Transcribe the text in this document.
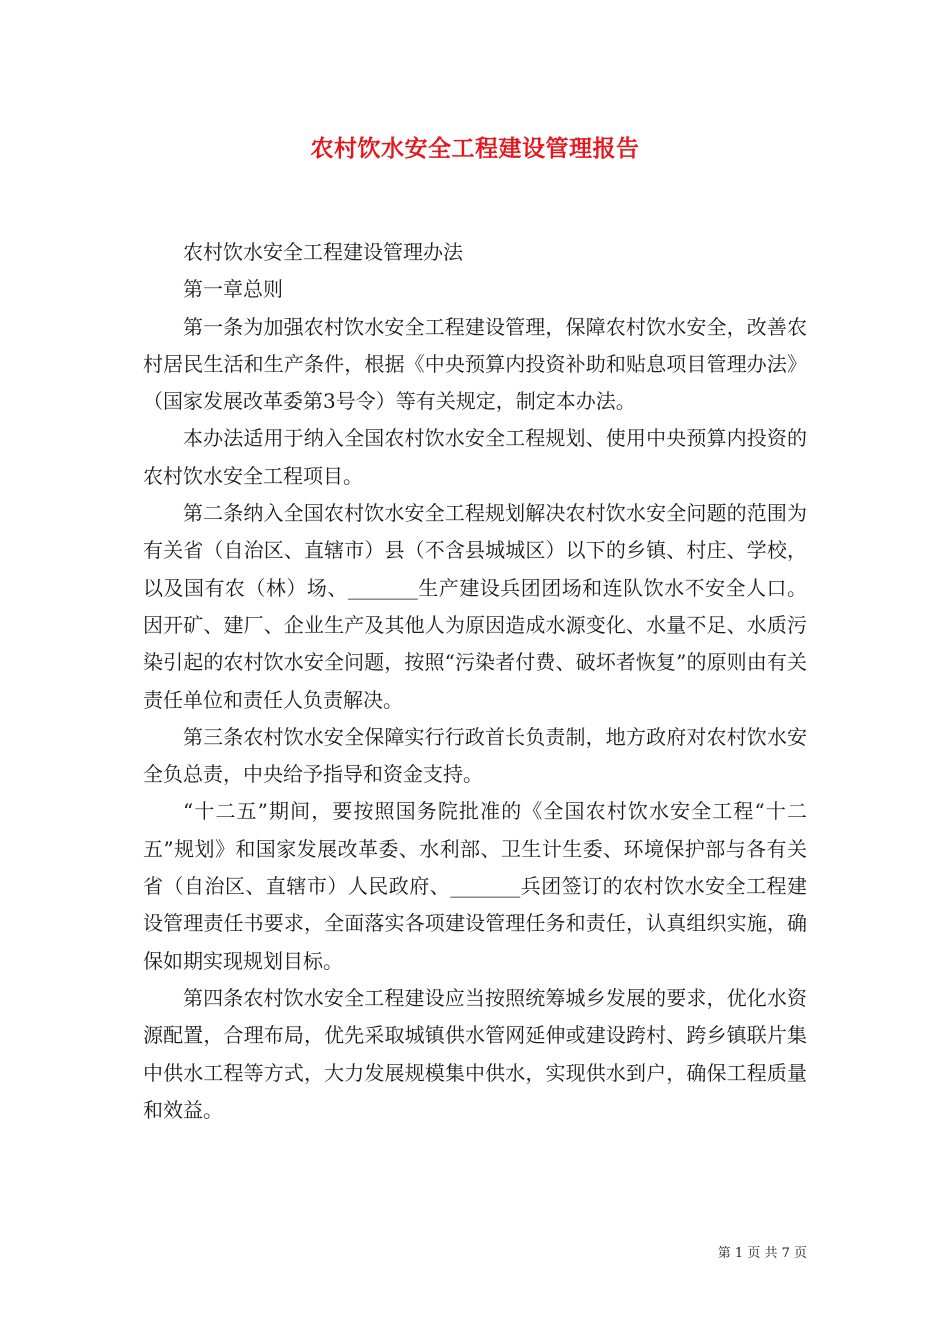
农村饮水安全工程建设管理报告

农村饮水安全工程建设管理办法

第一章总则

第一条为加强农村饮水安全工程建设管理，保障农村饮水安全，改善农村居民生活和生产条件，根据《中央预算内投资补助和贴息项目管理办法》（国家发展改革委第3号令）等有关规定，制定本办法。

本办法适用于纳入全国农村饮水安全工程规划、使用中央预算内投资的农村饮水安全工程项目。

第二条纳入全国农村饮水安全工程规划解决农村饮水安全问题的范围为有关省（自治区、直辖市）县（不含县城城区）以下的乡镇、村庄、学校，以及国有农（林）场、_______生产建设兵团团场和连队饮水不安全人口。因开矿、建厂、企业生产及其他人为原因造成水源变化、水量不足、水质污染引起的农村饮水安全问题，按照“污染者付费、破坏者恢复”的原则由有关责任单位和责任人负责解决。

第三条农村饮水安全保障实行行政首长负责制，地方政府对农村饮水安全负总责，中央给予指导和资金支持。

“十二五”期间，要按照国务院批准的《全国农村饮水安全工程“十二五”规划》和国家发展改革委、水利部、卫生计生委、环境保护部与各有关省（自治区、直辖市）人民政府、_______兵团签订的农村饮水安全工程建设管理责任书要求，全面落实各项建设管理任务和责任，认真组织实施，确保如期实现规划目标。

第四条农村饮水安全工程建设应当按照统筹城乡发展的要求，优化水资源配置，合理布局，优先采取城镇供水管网延伸或建设跨村、跨乡镇联片集中供水工程等方式，大力发展规模集中供水，实现供水到户，确保工程质量和效益。

第 1 页 共 7 页
